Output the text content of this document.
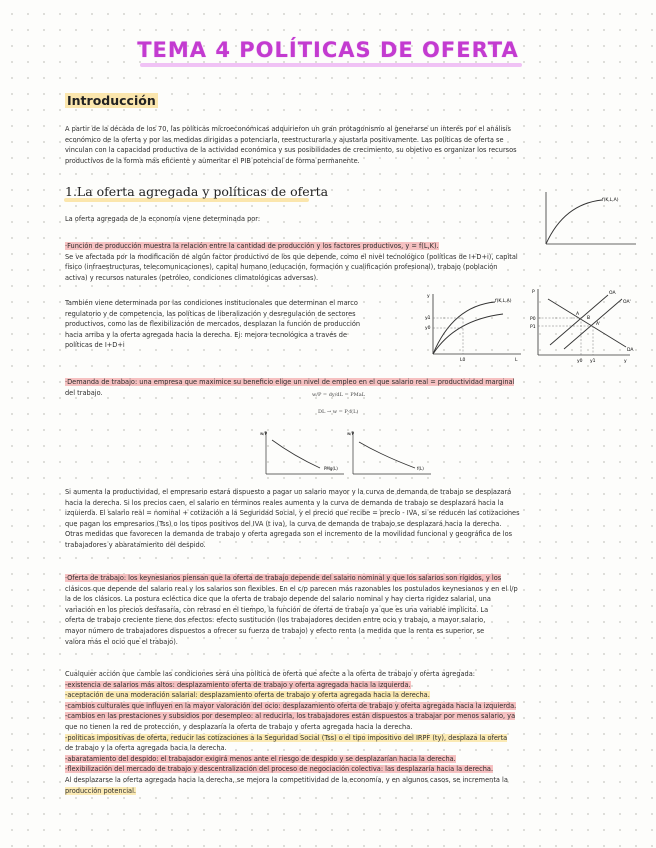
TEMA 4 POLÍTICAS DE OFERTA
Introducción
A partir de la década de los 70, las políticas microeconómicas adquirieron un gran protagonismo al generarse un interés por el análisis
económico de la oferta y por las medidas dirigidas a potenciarla, reestructurarla y ajustarla positivamente. Las políticas de oferta se
vinculan con la capacidad productiva de la actividad económica y sus posibilidades de crecimiento, su objetivo es organizar los recursos
productivos de la forma más eficiente y aumentar el PIB potencial de forma permanente.
1.La oferta agregada y políticas de oferta
La oferta agregada de la economía viene determinada por:
f(K,L,A)
·Función de producción muestra la relación entre la cantidad de producción y los factores productivos, y = f(L,K).
Se ve afectada por la modificación de algún factor productivo de los que depende, como el nivel tecnológico (políticas de I+D+i), capital
físico (infraestructuras, telecomunicaciones), capital humano (educación, formación y cualificación profesional), trabajo (población
activa) y recursos naturales (petróleo, condiciones climatológicas adversas).
También viene determinada por las condiciones institucionales que determinan el marco
regulatorio y de competencia, las políticas de liberalización y desregulación de sectores
productivos, como las de flexibilización de mercados, desplazan la función de producción
hacia arriba y la oferta agregada hacia la derecha. Ej: mejora tecnológica a través de
políticas de I+D+i
y
y1
y0
L0	L
f(K,L,A)
P	OA
OA'
P0
P1
A
B
A'
DA
y0 y1	y
·Demanda de trabajo: una empresa que maximice su beneficio elige un nivel de empleo en el que salario real = productividad marginal
del trabajo.	w/P = dy/dL = PMaL
DL → w = P·f(L)
w/P
PMg(L)
w/P
f(L)
Si aumenta la productividad, el empresario estará dispuesto a pagar un salario mayor y la curva de demanda de trabajo se desplazará
hacia la derecha. Si los precios caen, el salario en términos reales aumenta y la curva de demanda de trabajo se desplazará hacia la
izquierda. El salario real = nominal + cotización a la Seguridad Social, y el precio que recibe = precio - IVA, si se reducen las cotizaciones
que pagan los empresarios (Tss) o los tipos positivos del IVA (t iva), la curva de demanda de trabajo se desplazará hacia la derecha.
Otras medidas que favorecen la demanda de trabajo y oferta agregada son el incremento de la movilidad funcional y geográfica de los
trabajadores y abaratamiento del despido.
·Oferta de trabajo: los keynesianos piensan que la oferta de trabajo depende del salario nominal y que los salarios son rígidos, y los
clásicos que depende del salario real y los salarios son flexibles. En el c/p parecen más razonables los postulados keynesianos y en el l/p
la de los clásicos. La postura ecléctica dice que la oferta de trabajo depende del salario nominal y hay cierta rigidez salarial, una
variación en los precios desfasaría, con retraso en el tiempo, la función de oferta de trabajo ya que es una variable implícita. La
oferta de trabajo creciente tiene dos efectos: efecto sustitución (los trabajadores deciden entre ocio y trabajo, a mayor salario,
mayor número de trabajadores dispuestos a ofrecer su fuerza de trabajo) y efecto renta (a medida que la renta es superior, se
valora más el ocio que el trabajo).
Cualquier acción que cambie las condiciones será una política de oferta que afecte a la oferta de trabajo y oferta agregada:
-existencia de salarios más altos: desplazamiento oferta de trabajo y oferta agregada hacia la izquierda.
-aceptación de una moderación salarial: desplazamiento oferta de trabajo y oferta agregada hacia la derecha.
-cambios culturales que influyen en la mayor valoración del ocio: desplazamiento oferta de trabajo y oferta agregada hacia la izquierda.
-cambios en las prestaciones y subsidios por desempleo: al reducirla, los trabajadores están dispuestos a trabajar por menos salario, ya
que no tienen la red de protección, y desplazaría la oferta de trabajo y oferta agregada hacia la derecha.
-políticas impositivas de oferta, reducir las cotizaciones a la Seguridad Social (Tss) o el tipo impositivo del IRPF (ty), desplaza la oferta
de trabajo y la oferta agregada hacia la derecha.
-abaratamiento del despido: el trabajador exigirá menos ante el riesgo de despido y se desplazarían hacia la derecha.
-flexibilización del mercado de trabajo y descentralización del proceso de negociación colectiva: las desplazaría hacia la derecha.
Al desplazarse la oferta agregada hacia la derecha, se mejora la competitividad de la economía, y en algunos casos, se incrementa la
producción potencial.
